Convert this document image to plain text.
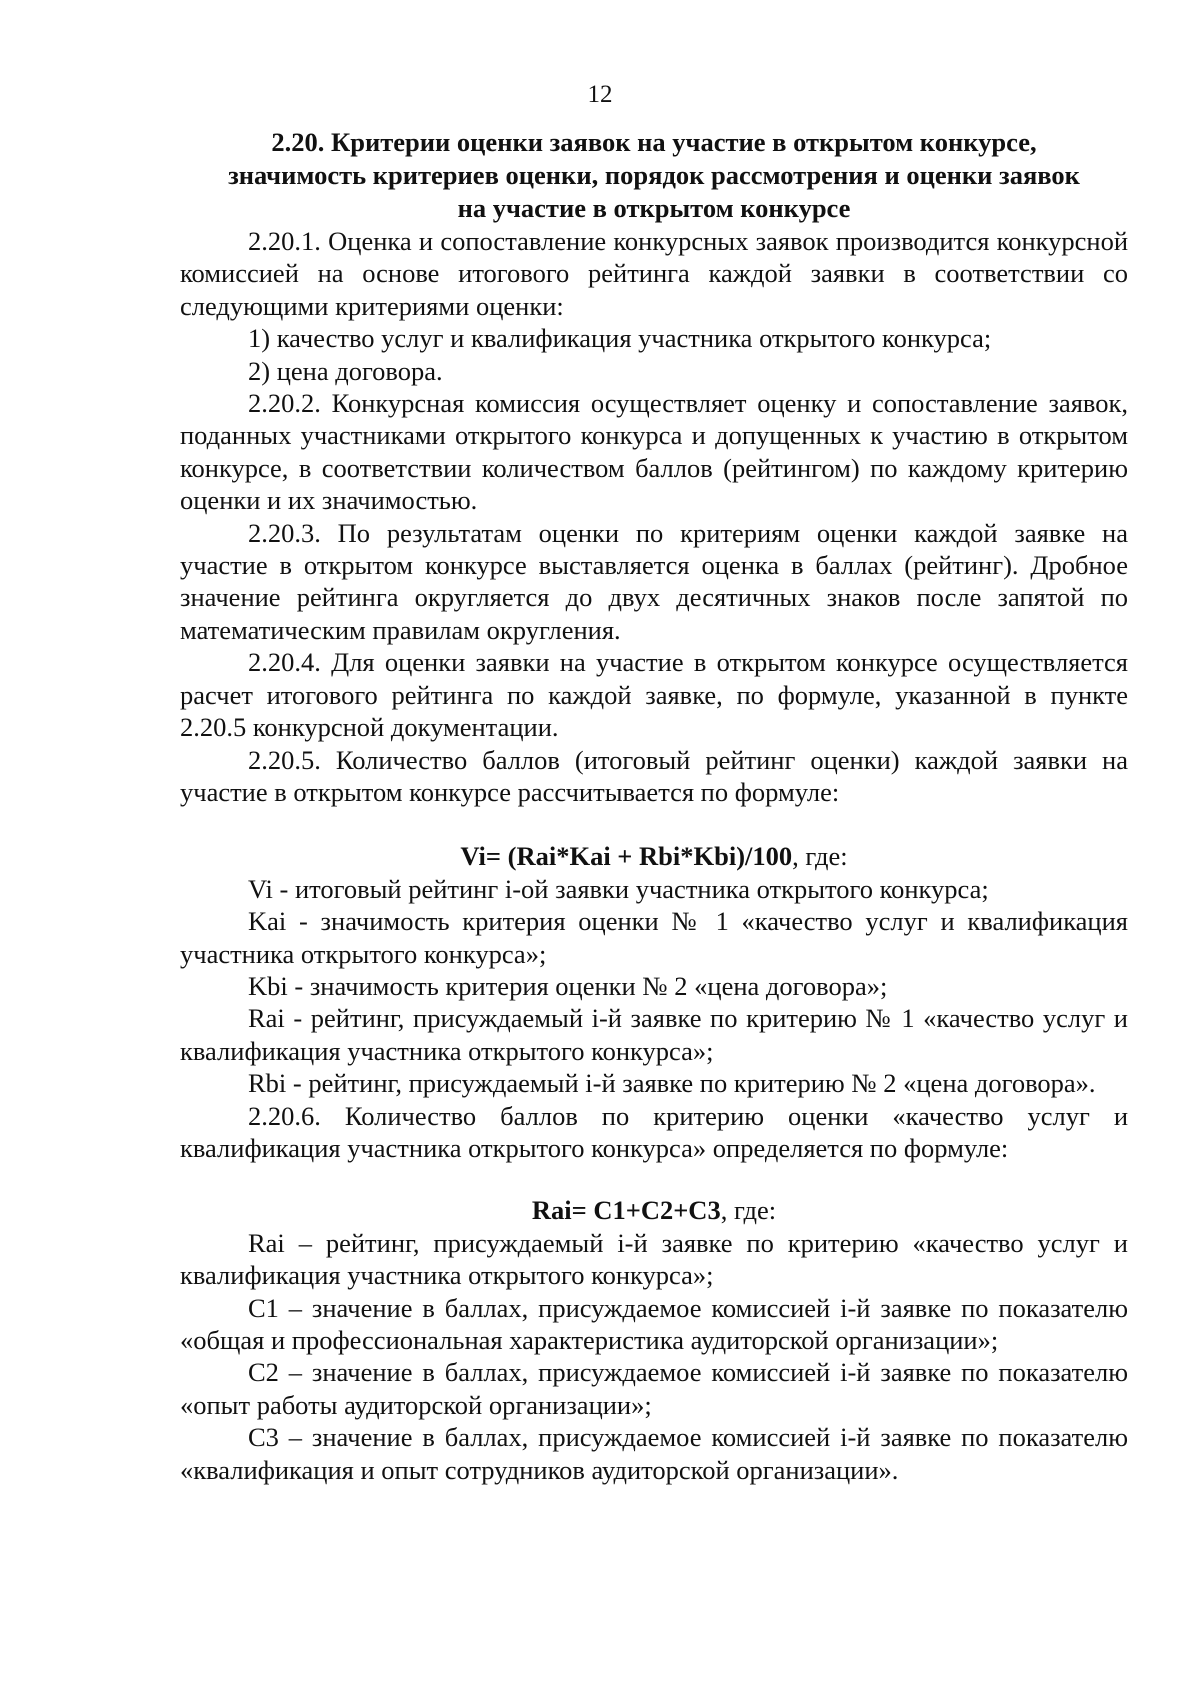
12
2.20. Критерии оценки заявок на участие в открытом конкурсе,
значимость критериев оценки, порядок рассмотрения и оценки заявок
на участие в открытом конкурсе

2.20.1. Оценка и сопоставление конкурсных заявок производится конкурсной комиссией на основе итогового рейтинга каждой заявки в соответствии со следующими критериями оценки:

1) качество услуг и квалификация участника открытого конкурса;

2) цена договора.

2.20.2. Конкурсная комиссия осуществляет оценку и сопоставление заявок, поданных участниками открытого конкурса и допущенных к участию в открытом конкурсе, в соответствии количеством баллов (рейтингом) по каждому критерию оценки и их значимостью.

2.20.3. По результатам оценки по критериям оценки каждой заявке на участие в открытом конкурсе выставляется оценка в баллах (рейтинг). Дробное значение рейтинга округляется до двух десятичных знаков после запятой по математическим правилам округления.

2.20.4. Для оценки заявки на участие в открытом конкурсе осуществляется расчет итогового рейтинга по каждой заявке, по формуле, указанной в пункте 2.20.5 конкурсной документации.

2.20.5. Количество баллов (итоговый рейтинг оценки) каждой заявки на участие в открытом конкурсе рассчитывается по формуле:

Vi= (Rai*Kai + Rbi*Kbi)/100, где:

Vi - итоговый рейтинг i-ой заявки участника открытого конкурса;

Kai - значимость критерия оценки № 1 «качество услуг и квалификация участника открытого конкурса»;

Kbi - значимость критерия оценки № 2 «цена договора»;

Rai - рейтинг, присуждаемый i-й заявке по критерию № 1 «качество услуг и квалификация участника открытого конкурса»;

Rbi - рейтинг, присуждаемый i-й заявке по критерию № 2 «цена договора».

2.20.6. Количество баллов по критерию оценки «качество услуг и квалификация участника открытого конкурса» определяется по формуле:

Rai= C1+C2+C3, где:

Rai – рейтинг, присуждаемый i-й заявке по критерию «качество услуг и квалификация участника открытого конкурса»;

C1 – значение в баллах, присуждаемое комиссией i-й заявке по показателю «общая и профессиональная характеристика аудиторской организации»;

C2 – значение в баллах, присуждаемое комиссией i-й заявке по показателю «опыт работы аудиторской организации»;

C3 – значение в баллах, присуждаемое комиссией i-й заявке по показателю «квалификация и опыт сотрудников аудиторской организации».
